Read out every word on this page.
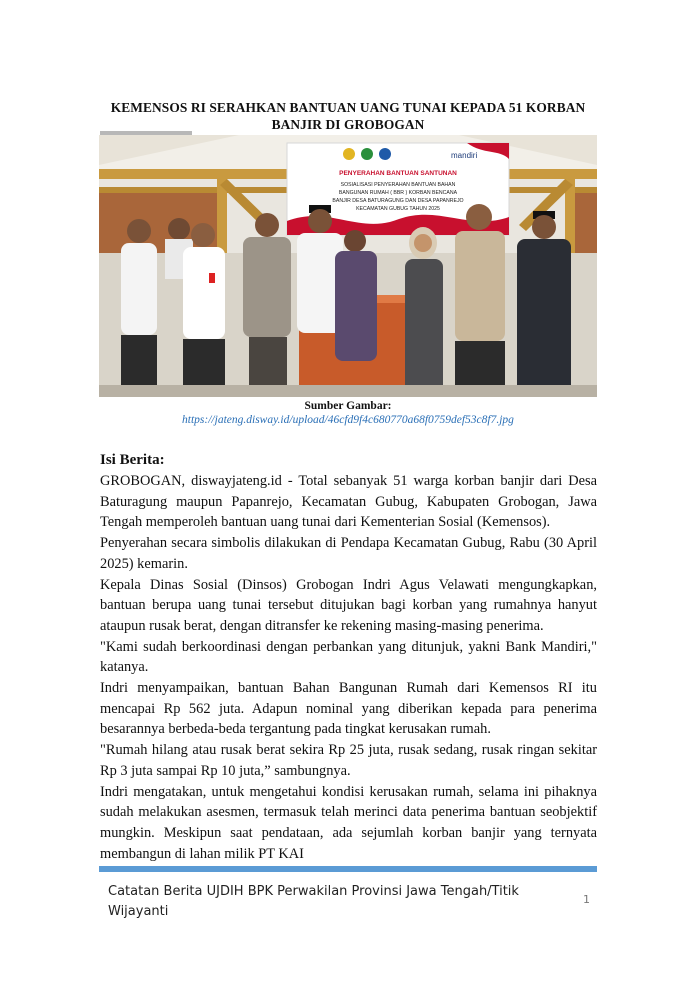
KEMENSOS RI SERAHKAN BANTUAN UANG TUNAI KEPADA 51 KORBAN BANJIR DI GROBOGAN
mandiri
PENYERAHAN BANTUAN SANTUNAN
SOSIALISASI PENYERAHAN BANTUAN BAHAN
BANGUNAN RUMAH ( BBR ) KORBAN BENCANA
BANJIR DESA BATURAGUNG DAN DESA PAPANREJO
KECAMATAN GUBUG TAHUN 2025
Sumber Gambar:
https://jateng.disway.id/upload/46cfd9f4c680770a68f0759def53c8f7.jpg
Isi Berita:

GROBOGAN, diswayjateng.id - Total sebanyak 51 warga korban banjir dari Desa Baturagung maupun Papanrejo, Kecamatan Gubug, Kabupaten Grobogan, Jawa Tengah memperoleh bantuan uang tunai dari Kementerian Sosial (Kemensos).

Penyerahan secara simbolis dilakukan di Pendapa Kecamatan Gubug, Rabu (30 April 2025) kemarin.

Kepala Dinas Sosial (Dinsos) Grobogan Indri Agus Velawati mengungkapkan, bantuan berupa uang tunai tersebut ditujukan bagi korban yang rumahnya hanyut ataupun rusak berat, dengan ditransfer ke rekening masing-masing penerima.

"Kami sudah berkoordinasi dengan perbankan yang ditunjuk, yakni Bank Mandiri," katanya.

Indri menyampaikan, bantuan Bahan Bangunan Rumah dari Kemensos RI itu mencapai Rp 562 juta. Adapun nominal yang diberikan kepada para penerima besarannya berbeda-beda tergantung pada tingkat kerusakan rumah.

"Rumah hilang atau rusak berat sekira Rp 25 juta, rusak sedang, rusak ringan sekitar Rp 3 juta sampai Rp 10 juta,” sambungnya.

Indri mengatakan, untuk mengetahui kondisi kerusakan rumah, selama ini pihaknya sudah melakukan asesmen, termasuk telah merinci data penerima bantuan seobjektif mungkin. Meskipun saat pendataan, ada sejumlah korban banjir yang ternyata membangun di lahan milik PT KAI

Catatan Berita UJDIH BPK Perwakilan Provinsi Jawa Tengah/Titik Wijayanti
1
